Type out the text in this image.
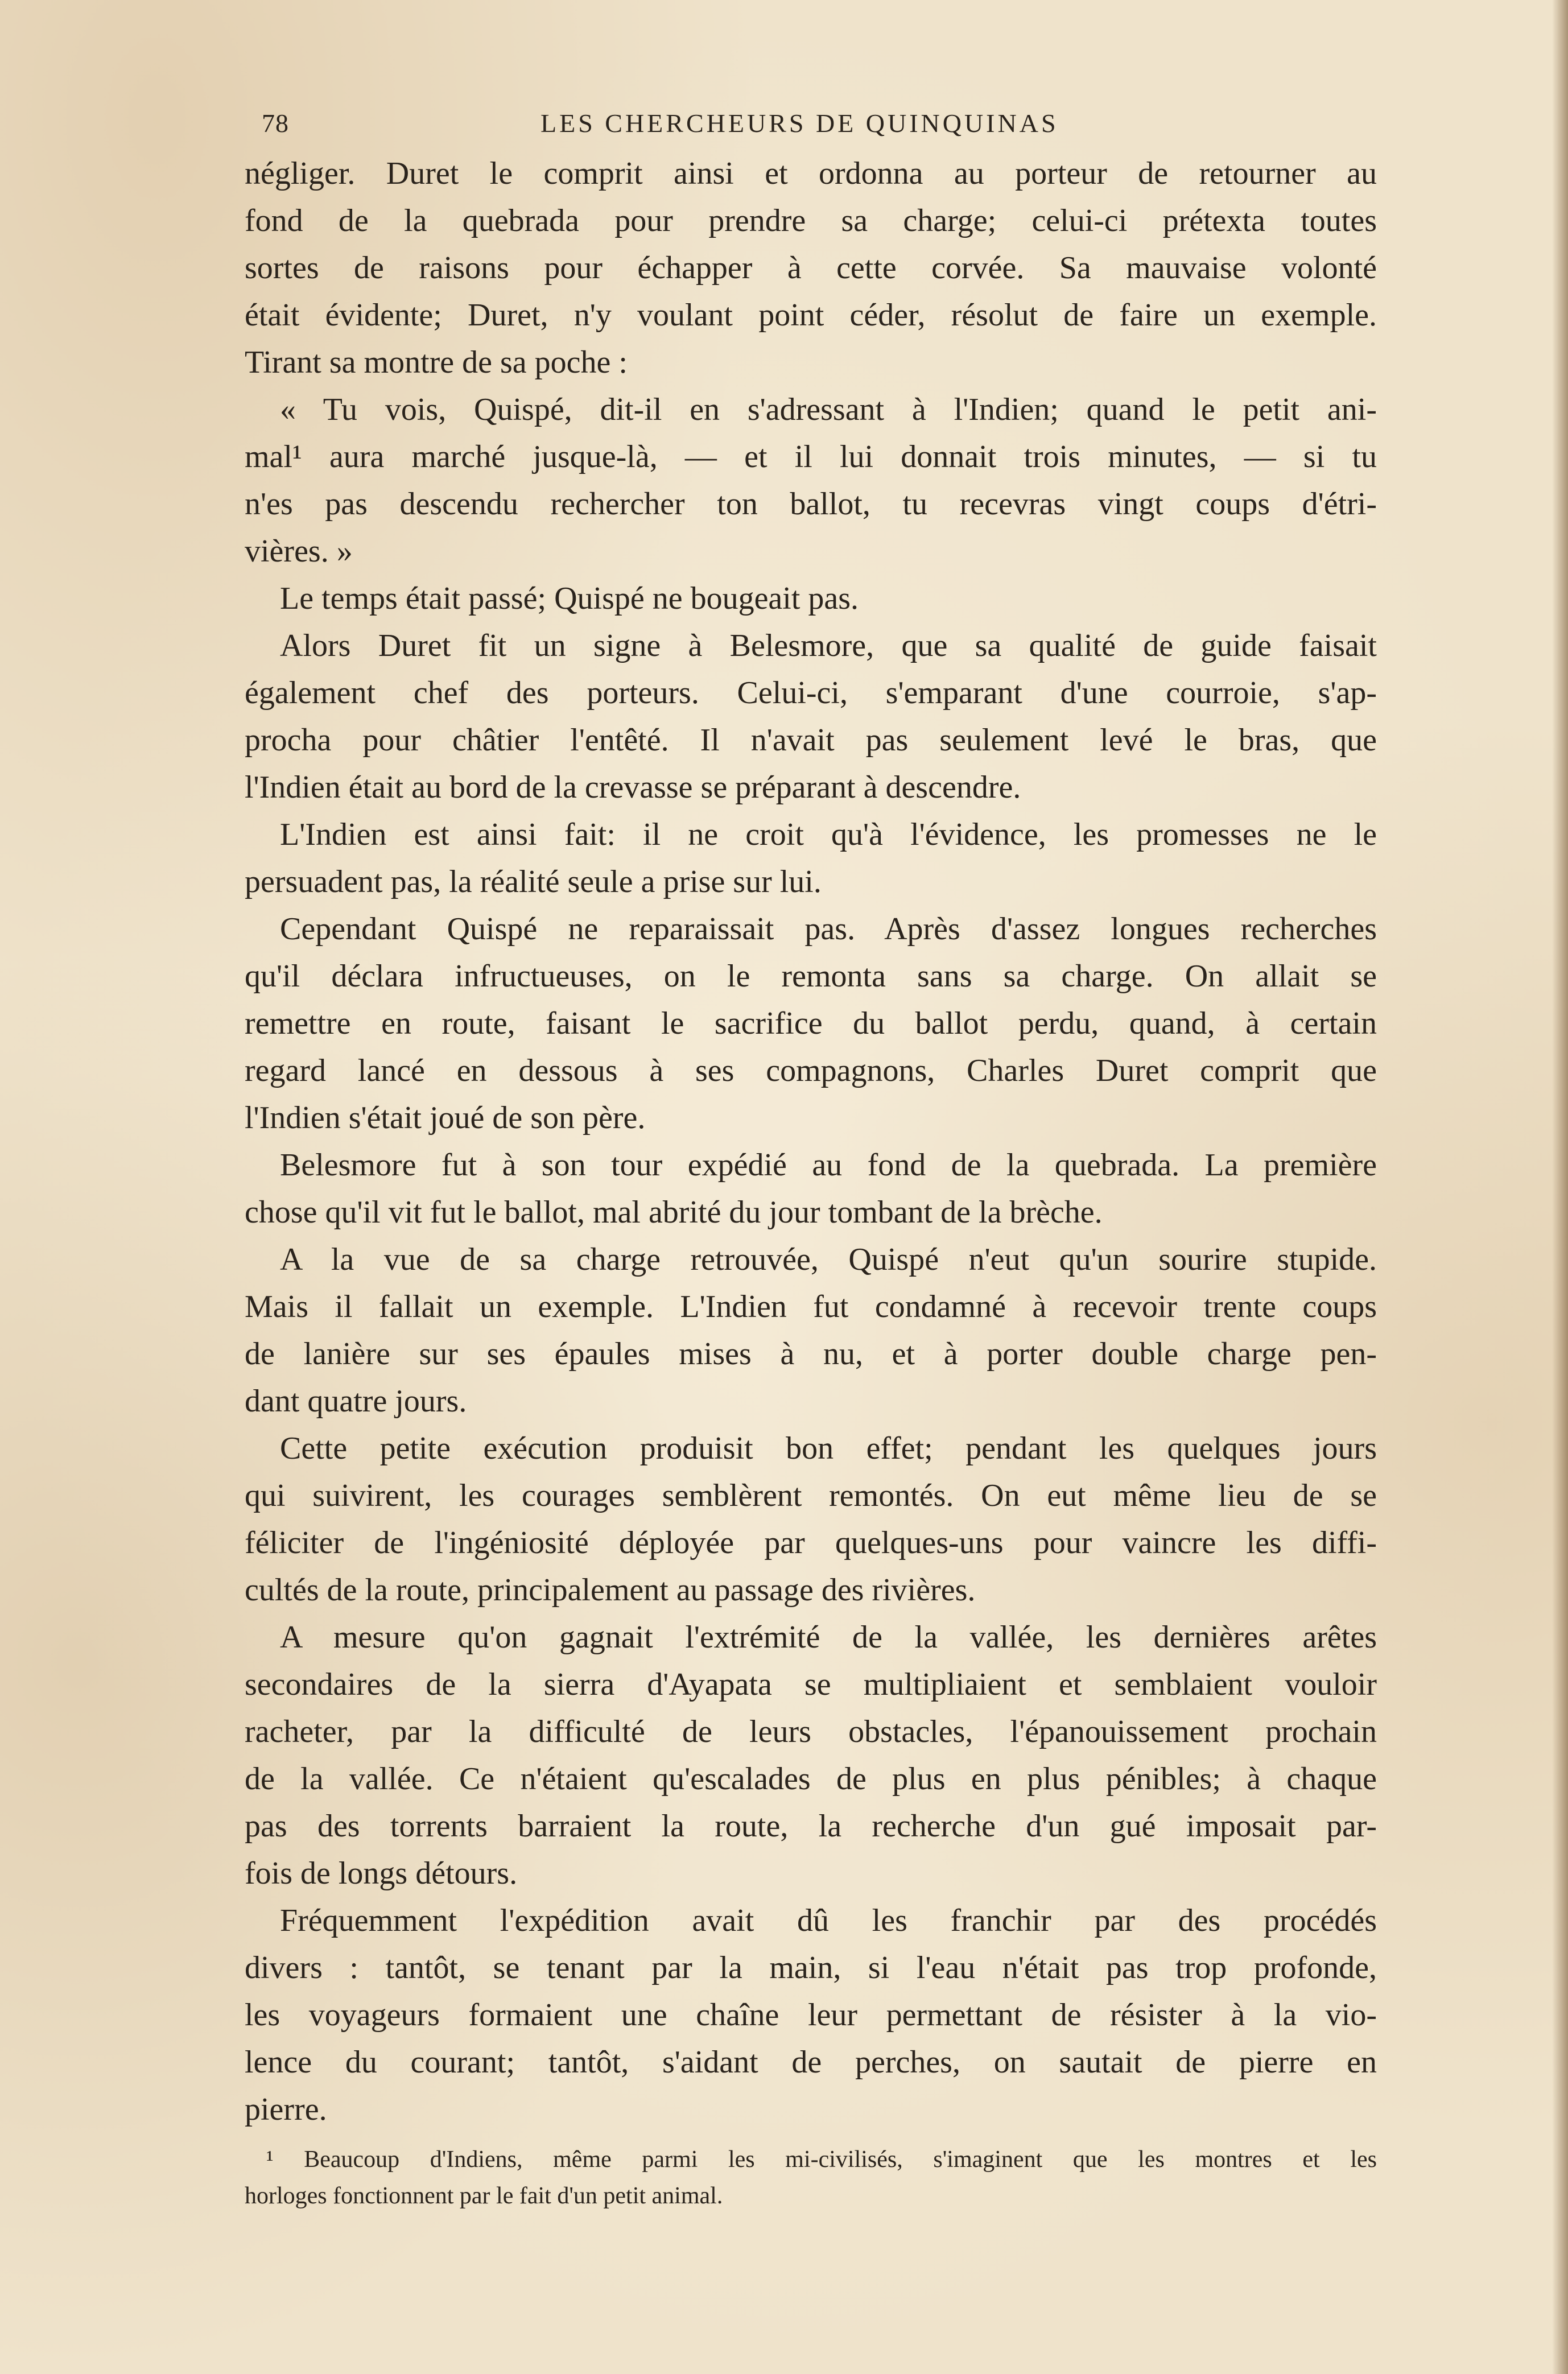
78	LES CHERCHEURS DE QUINQUINAS
négliger. Duret le comprit ainsi et ordonna au porteur de retourner au
fond de la quebrada pour prendre sa charge; celui-ci prétexta toutes
sortes de raisons pour échapper à cette corvée. Sa mauvaise volonté
était évidente; Duret, n'y voulant point céder, résolut de faire un exemple.
Tirant sa montre de sa poche :
« Tu vois, Quispé, dit-il en s'adressant à l'Indien; quand le petit ani-
mal¹ aura marché jusque-là, — et il lui donnait trois minutes, — si tu
n'es pas descendu rechercher ton ballot, tu recevras vingt coups d'étri-
vières. »
Le temps était passé; Quispé ne bougeait pas.
Alors Duret fit un signe à Belesmore, que sa qualité de guide faisait
également chef des porteurs. Celui-ci, s'emparant d'une courroie, s'ap-
procha pour châtier l'entêté. Il n'avait pas seulement levé le bras, que
l'Indien était au bord de la crevasse se préparant à descendre.
L'Indien est ainsi fait: il ne croit qu'à l'évidence, les promesses ne le
persuadent pas, la réalité seule a prise sur lui.
Cependant Quispé ne reparaissait pas. Après d'assez longues recherches
qu'il déclara infructueuses, on le remonta sans sa charge. On allait se
remettre en route, faisant le sacrifice du ballot perdu, quand, à certain
regard lancé en dessous à ses compagnons, Charles Duret comprit que
l'Indien s'était joué de son père.
Belesmore fut à son tour expédié au fond de la quebrada. La première
chose qu'il vit fut le ballot, mal abrité du jour tombant de la brèche.
A la vue de sa charge retrouvée, Quispé n'eut qu'un sourire stupide.
Mais il fallait un exemple. L'Indien fut condamné à recevoir trente coups
de lanière sur ses épaules mises à nu, et à porter double charge pen-
dant quatre jours.
Cette petite exécution produisit bon effet; pendant les quelques jours
qui suivirent, les courages semblèrent remontés. On eut même lieu de se
féliciter de l'ingéniosité déployée par quelques-uns pour vaincre les diffi-
cultés de la route, principalement au passage des rivières.
A mesure qu'on gagnait l'extrémité de la vallée, les dernières arêtes
secondaires de la sierra d'Ayapata se multipliaient et semblaient vouloir
racheter, par la difficulté de leurs obstacles, l'épanouissement prochain
de la vallée. Ce n'étaient qu'escalades de plus en plus pénibles; à chaque
pas des torrents barraient la route, la recherche d'un gué imposait par-
fois de longs détours.
Fréquemment l'expédition avait dû les franchir par des procédés
divers : tantôt, se tenant par la main, si l'eau n'était pas trop profonde,
les voyageurs formaient une chaîne leur permettant de résister à la vio-
lence du courant; tantôt, s'aidant de perches, on sautait de pierre en
pierre.
¹ Beaucoup d'Indiens, même parmi les mi-civilisés, s'imaginent que les montres et les
horloges fonctionnent par le fait d'un petit animal.
